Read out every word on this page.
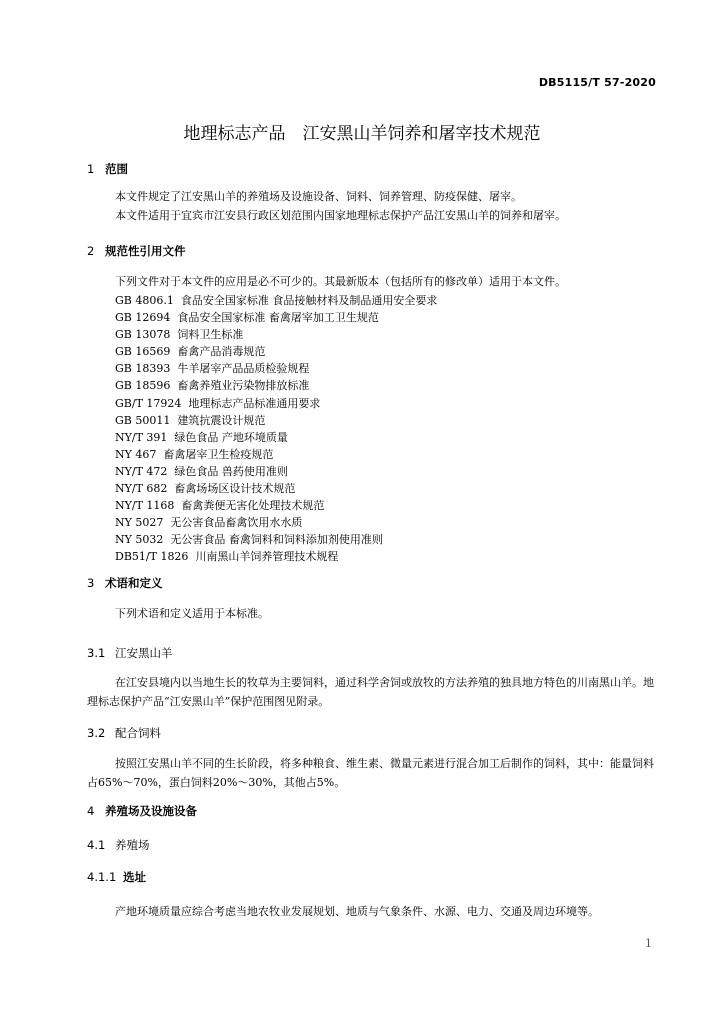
DB5115/T 57-2020
地理标志产品　江安黑山羊饲养和屠宰技术规范
1 范围
本文件规定了江安黑山羊的养殖场及设施设备、饲料、饲养管理、防疫保健、屠宰。
本文件适用于宜宾市江安县行政区划范围内国家地理标志保护产品江安黑山羊的饲养和屠宰。
2 规范性引用文件
下列文件对于本文件的应用是必不可少的。其最新版本（包括所有的修改单）适用于本文件。
GB 4806.1 食品安全国家标准 食品接触材料及制品通用安全要求
GB 12694 食品安全国家标准 畜禽屠宰加工卫生规范
GB 13078 饲料卫生标准
GB 16569 畜禽产品消毒规范
GB 18393 牛羊屠宰产品品质检验规程
GB 18596 畜禽养殖业污染物排放标准
GB/T 17924 地理标志产品标准通用要求
GB 50011 建筑抗震设计规范
NY/T 391 绿色食品 产地环境质量
NY 467 畜禽屠宰卫生检疫规范
NY/T 472 绿色食品 兽药使用准则
NY/T 682 畜禽场场区设计技术规范
NY/T 1168 畜禽粪便无害化处理技术规范
NY 5027 无公害食品畜禽饮用水水质
NY 5032 无公害食品 畜禽饲料和饲料添加剂使用准则
DB51/T 1826 川南黑山羊饲养管理技术规程
3 术语和定义
下列术语和定义适用于本标准。
3.1 江安黑山羊
在江安县境内以当地生长的牧草为主要饲料，通过科学舍饲或放牧的方法养殖的独具地方特色的川南黑山羊。地理标志保护产品“江安黑山羊”保护范围图见附录。
3.2 配合饲料
按照江安黑山羊不同的生长阶段，将多种粮食、维生素、微量元素进行混合加工后制作的饲料，其中：能量饲料占65%～70%，蛋白饲料20%～30%，其他占5%。
4 养殖场及设施设备
4.1 养殖场
4.1.1 选址
产地环境质量应综合考虑当地农牧业发展规划、地质与气象条件、水源、电力、交通及周边环境等。
1
